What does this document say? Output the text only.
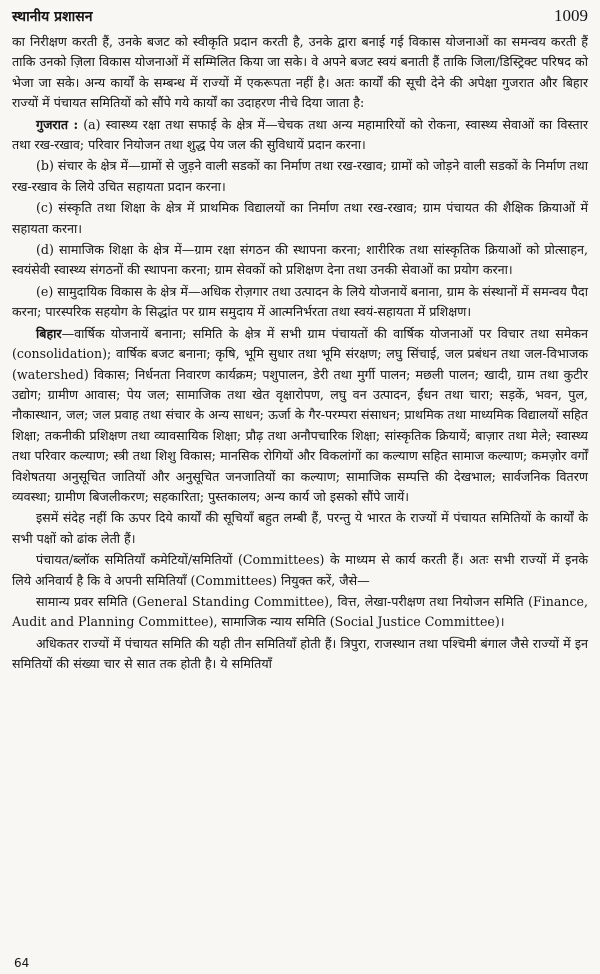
स्थानीय प्रशासन	1009

का निरीक्षण करती हैं, उनके बजट को स्वीकृति प्रदान करती है, उनके द्वारा बनाई गई विकास योजनाओं का समन्वय करती हैं ताकि उनको ज़िला विकास योजनाओं में सम्मिलित किया जा सके। वे अपने बजट स्वयं बनाती हैं ताकि जिला/डिस्ट्रिक्ट परिषद को भेजा जा सके। अन्य कार्यों के सम्बन्ध में राज्यों में एकरूपता नहीं है। अतः कार्यों की सूची देने की अपेक्षा गुजरात और बिहार राज्यों में पंचायत समितियों को सौंपे गये कार्यों का उदाहरण नीचे दिया जाता है:

गुजरात : (a) स्वास्थ्य रक्षा तथा सफाई के क्षेत्र में—चेचक तथा अन्य महामारियों को रोकना, स्वास्थ्य सेवाओं का विस्तार तथा रख-रखाव; परिवार नियोजन तथा शुद्ध पेय जल की सुविधायें प्रदान करना।

(b) संचार के क्षेत्र में—ग्रामों से जुड़ने वाली सडकों का निर्माण तथा रख-रखाव; ग्रामों को जोड़ने वाली सडकों के निर्माण तथा रख-रखाव के लिये उचित सहायता प्रदान करना।

(c) संस्कृति तथा शिक्षा के क्षेत्र में प्राथमिक विद्यालयों का निर्माण तथा रख-रखाव; ग्राम पंचायत की शैक्षिक क्रियाओं में सहायता करना।

(d) सामाजिक शिक्षा के क्षेत्र में—ग्राम रक्षा संगठन की स्थापना करना; शारीरिक तथा सांस्कृतिक क्रियाओं को प्रोत्साहन, स्वयंसेवी स्वास्थ्य संगठनों की स्थापना करना; ग्राम सेवकों को प्रशिक्षण देना तथा उनकी सेवाओं का प्रयोग करना।

(e) सामुदायिक विकास के क्षेत्र में—अधिक रोज़गार तथा उत्पादन के लिये योजनायें बनाना, ग्राम के संस्थानों में समन्वय पैदा करना; पारस्परिक सहयोग के सिद्धांत पर ग्राम समुदाय में आत्मनिर्भरता तथा स्वयं-सहायता में प्रशिक्षण।

बिहार—वार्षिक योजनायें बनाना; समिति के क्षेत्र में सभी ग्राम पंचायतों की वार्षिक योजनाओं पर विचार तथा समेकन (consolidation); वार्षिक बजट बनाना; कृषि, भूमि सुधार तथा भूमि संरक्षण; लघु सिंचाई, जल प्रबंधन तथा जल-विभाजक (watershed) विकास; निर्धनता निवारण कार्यक्रम; पशुपालन, डेरी तथा मुर्गी पालन; मछली पालन; खादी, ग्राम तथा कुटीर उद्योग; ग्रामीण आवास; पेय जल; सामाजिक तथा खेत वृक्षारोपण, लघु वन उत्पादन, ईंधन तथा चारा; सड़कें, भवन, पुल, नौकास्थान, जल; जल प्रवाह तथा संचार के अन्य साधन; ऊर्जा के गैर-परम्परा संसाधन; प्राथमिक तथा माध्यमिक विद्यालयों सहित शिक्षा; तकनीकी प्रशिक्षण तथा व्यावसायिक शिक्षा; प्रौढ़ तथा अनौपचारिक शिक्षा; सांस्कृतिक क्रियायें; बाज़ार तथा मेले; स्वास्थ्य तथा परिवार कल्याण; स्त्री तथा शिशु विकास; मानसिक रोगियों और विकलांगों का कल्याण सहित सामाज कल्याण; कमज़ोर वर्गों विशेषतया अनुसूचित जातियों और अनुसूचित जनजातियों का कल्याण; सामाजिक सम्पत्ति की देखभाल; सार्वजनिक वितरण व्यवस्था; ग्रामीण बिजलीकरण; सहकारिता; पुस्तकालय; अन्य कार्य जो इसको सौंपे जायें।

इसमें संदेह नहीं कि ऊपर दिये कार्यों की सूचियाँ बहुत लम्बी हैं, परन्तु ये भारत के राज्यों में पंचायत समितियों के कार्यों के सभी पक्षों को ढांक लेती हैं।

पंचायत/ब्लॉक समितियाँ कमेटियों/समितियों (Committees) के माध्यम से कार्य करती हैं। अतः सभी राज्यों में इनके लिये अनिवार्य है कि वे अपनी समितियाँ (Committees) नियुक्त करें, जैसे—

सामान्य प्रवर समिति (General Standing Committee), वित्त, लेखा-परीक्षण तथा नियोजन समिति (Finance, Audit and Planning Committee), सामाजिक न्याय समिति (Social Justice Committee)।

अधिकतर राज्यों में पंचायत समिति की यही तीन समितियाँ होती हैं। त्रिपुरा, राजस्थान तथा पश्चिमी बंगाल जैसे राज्यों में इन समितियों की संख्या चार से सात तक होती है। ये समितियाँ

64
